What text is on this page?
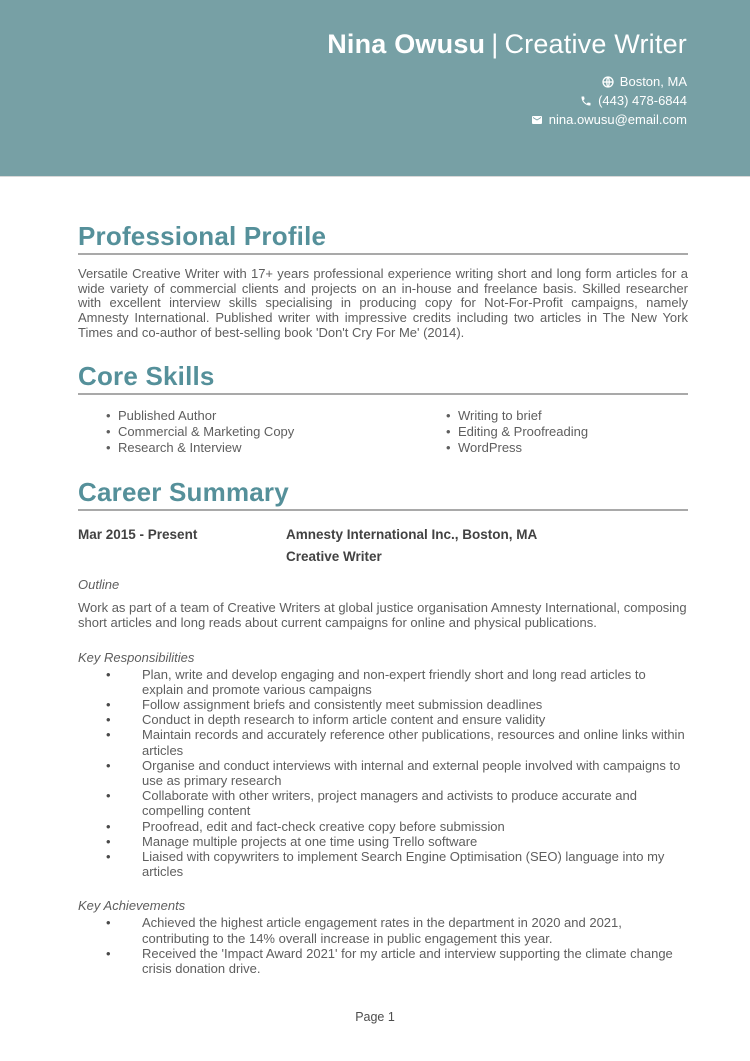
Nina Owusu | Creative Writer
Boston, MA
(443) 478-6844
nina.owusu@email.com
Professional Profile

Versatile Creative Writer with 17+ years professional experience writing short and long form articles for a wide variety of commercial clients and projects on an in-house and freelance basis. Skilled researcher with excellent interview skills specialising in producing copy for Not-For-Profit campaigns, namely Amnesty International. Published writer with impressive credits including two articles in The New York Times and co-author of best-selling book 'Don't Cry For Me' (2014).

Core Skills
• Published Author
• Commercial & Marketing Copy
• Research & Interview
• Writing to brief
• Editing & Proofreading
• WordPress
Career Summary
Mar 2015 - Present	Amnesty International Inc., Boston, MA
Creative Writer
Outline

Work as part of a team of Creative Writers at global justice organisation Amnesty International, composing short articles and long reads about current campaigns for online and physical publications.

Key Responsibilities
• Plan, write and develop engaging and non-expert friendly short and long read articles to explain and promote various campaigns
• Follow assignment briefs and consistently meet submission deadlines
• Conduct in depth research to inform article content and ensure validity
• Maintain records and accurately reference other publications, resources and online links within articles
• Organise and conduct interviews with internal and external people involved with campaigns to use as primary research
• Collaborate with other writers, project managers and activists to produce accurate and compelling content
• Proofread, edit and fact-check creative copy before submission
• Manage multiple projects at one time using Trello software
• Liaised with copywriters to implement Search Engine Optimisation (SEO) language into my articles
Key Achievements
• Achieved the highest article engagement rates in the department in 2020 and 2021, contributing to the 14% overall increase in public engagement this year.
• Received the 'Impact Award 2021' for my article and interview supporting the climate change crisis donation drive.
Page 1
